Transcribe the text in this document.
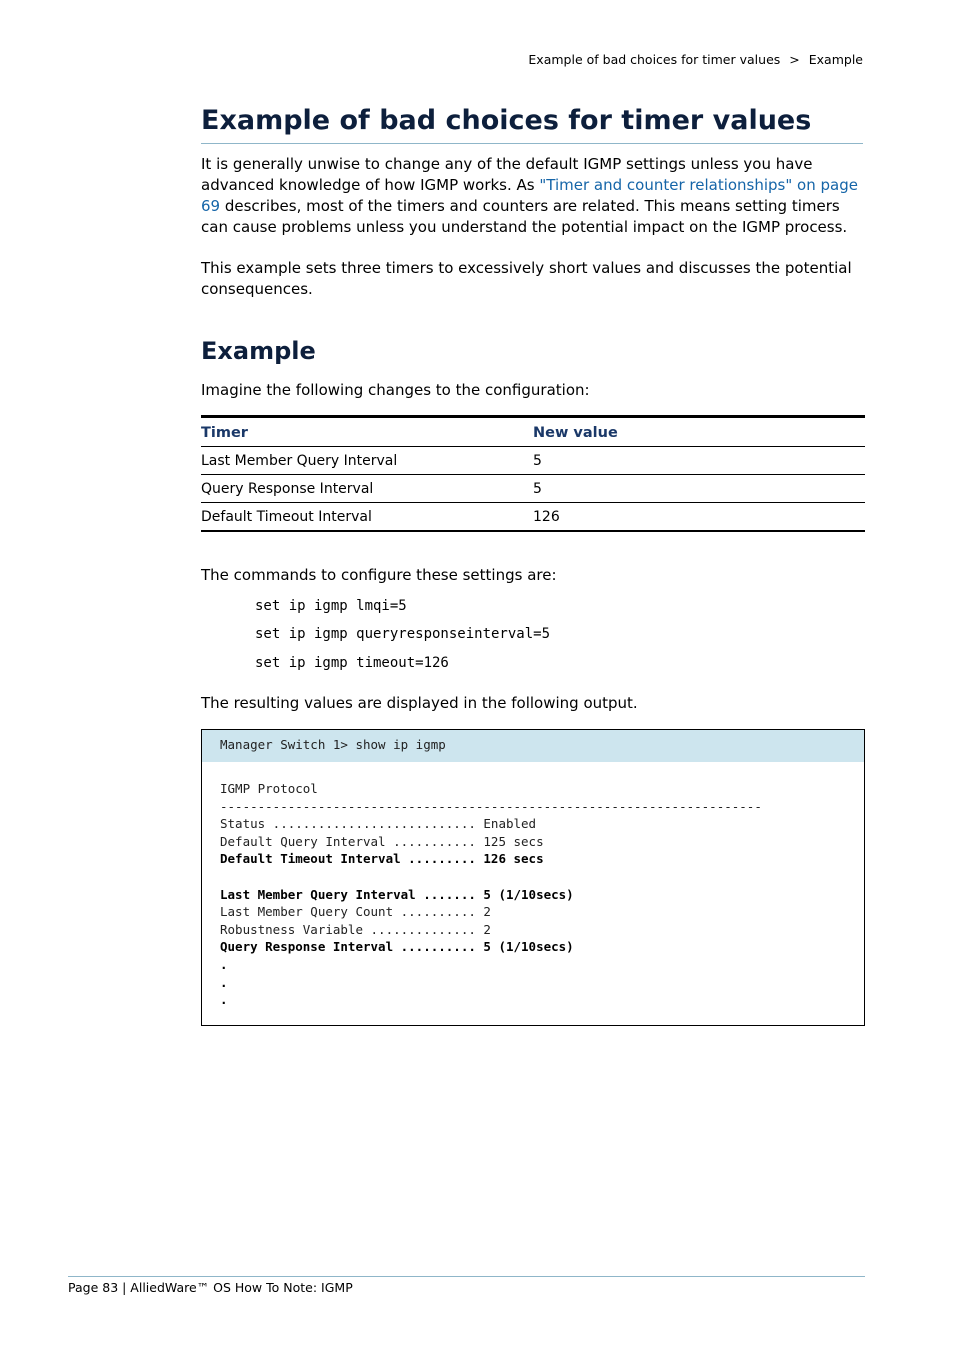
Example of bad choices for timer values > Example
Example of bad choices for timer values
It is generally unwise to change any of the default IGMP settings unless you have advanced knowledge of how IGMP works. As "Timer and counter relationships" on page 69 describes, most of the timers and counters are related. This means setting timers can cause problems unless you understand the potential impact on the IGMP process.
This example sets three timers to excessively short values and discusses the potential consequences.
Example
Imagine the following changes to the configuration:
Timer	New value
Last Member Query Interval	5
Query Response Interval	5
Default Timeout Interval	126
The commands to configure these settings are:
set ip igmp lmqi=5
set ip igmp queryresponseinterval=5
set ip igmp timeout=126
The resulting values are displayed in the following output.
Manager Switch 1> show ip igmp
IGMP Protocol
------------------------------------------------------------------------
Status ........................... Enabled
Default Query Interval ........... 125 secs
Default Timeout Interval ......... 126 secs
Last Member Query Interval ....... 5 (1/10secs)
Last Member Query Count .......... 2
Robustness Variable .............. 2
Query Response Interval .......... 5 (1/10secs)
.
.
.
Page 83 | AlliedWare™ OS How To Note: IGMP
